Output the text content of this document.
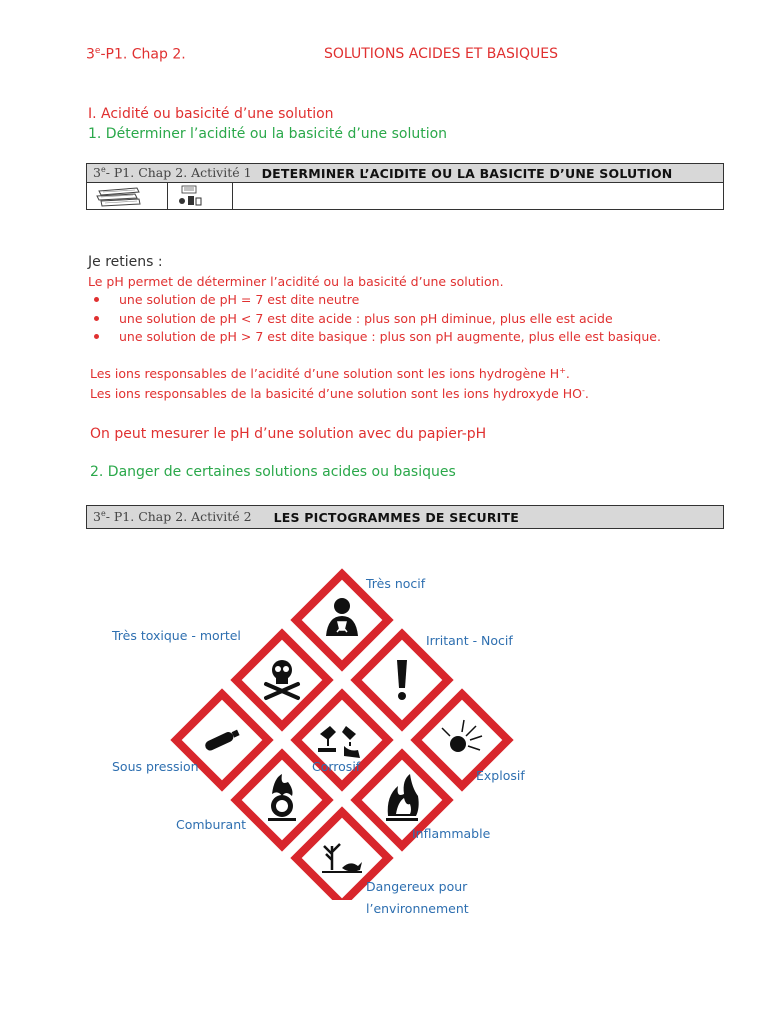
3e-P1. Chap 2.	SOLUTIONS ACIDES ET BASIQUES
I. Acidité ou basicité d’une solution
1. Déterminer l’acidité ou la basicité d’une solution
3e- P1. Chap 2. Activité 1 DETERMINER L’ACIDITE OU LA BASICITE D’UNE SOLUTION
Je retiens :
Le pH permet de déterminer l’acidité ou la basicité d’une solution.
une solution de pH = 7 est dite neutre
une solution de pH < 7 est dite acide : plus son pH diminue, plus elle est acide
une solution de pH > 7 est dite basique : plus son pH augmente, plus elle est basique.
Les ions responsables de l’acidité d’une solution sont les ions hydrogène H+.
Les ions responsables de la basicité d’une solution sont les ions hydroxyde HO-.
On peut mesurer le pH d’une solution avec du papier-pH
2. Danger de certaines solutions acides ou basiques
3e- P1. Chap 2. Activité 2 LES PICTOGRAMMES DE SECURITE
Très nocif
Très toxique - mortel	Irritant - Nocif
Sous pression	Corrosif
Explosif
Comburant
Inflammable
Dangereux pour
l’environnement
